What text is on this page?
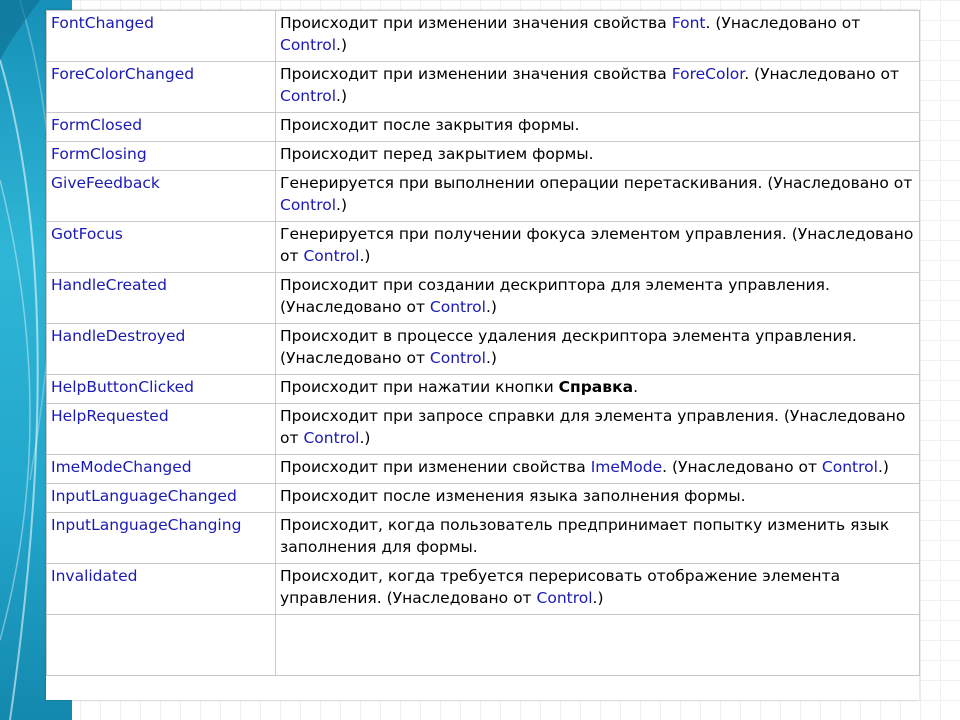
FontChanged	Происходит при изменении значения свойства Font. (Унаследовано от Control.)
ForeColorChanged	Происходит при изменении значения свойства ForeColor. (Унаследовано от Control.)
FormClosed	Происходит после закрытия формы.
FormClosing	Происходит перед закрытием формы.
GiveFeedback	Генерируется при выполнении операции перетаскивания. (Унаследовано от Control.)
GotFocus	Генерируется при получении фокуса элементом управления. (Унаследовано от Control.)
HandleCreated	Происходит при создании дескриптора для элемента управления. (Унаследовано от Control.)
HandleDestroyed	Происходит в процессе удаления дескриптора элемента управления. (Унаследовано от Control.)
HelpButtonClicked	Происходит при нажатии кнопки Справка.
HelpRequested	Происходит при запросе справки для элемента управления. (Унаследовано от Control.)
ImeModeChanged	Происходит при изменении свойства ImeMode. (Унаследовано от Control.)
InputLanguageChanged	Происходит после изменения языка заполнения формы.
InputLanguageChanging	Происходит, когда пользователь предпринимает попытку изменить язык заполнения для формы.
Invalidated	Происходит, когда требуется перерисовать отображение элемента управления. (Унаследовано от Control.)
